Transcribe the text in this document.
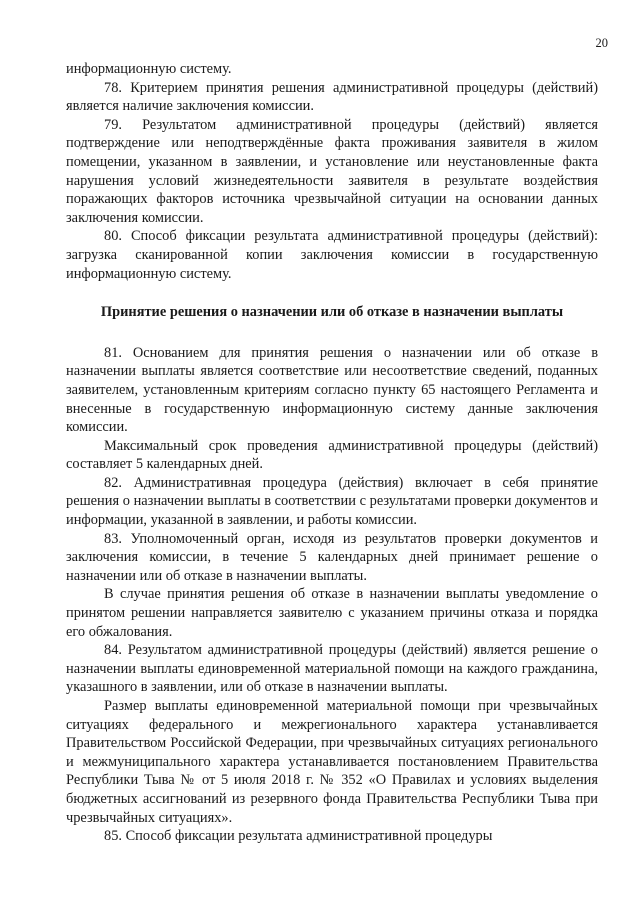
20

информационную систему.

78. Критерием принятия решения административной процедуры (действий) является наличие заключения комиссии.

79. Результатом административной процедуры (действий) является подтверждение или неподтверждённые факта проживания заявителя в жилом помещении, указанном в заявлении, и установление или неустановленные факта нарушения условий жизнедеятельности заявителя в результате воздействия поражающих факторов источника чрезвычайной ситуации на основании данных заключения комиссии.

80. Способ фиксации результата административной процедуры (действий): загрузка сканированной копии заключения комиссии в государственную информационную систему.

Принятие решения о назначении или об отказе в назначении выплаты

81. Основанием для принятия решения о назначении или об отказе в назначении выплаты является соответствие или несоответствие сведений, поданных заявителем, установленным критериям согласно пункту 65 настоящего Регламента и внесенные в государственную информационную систему данные заключения комиссии.

Максимальный срок проведения административной процедуры (действий) составляет 5 календарных дней.

82. Административная процедура (действия) включает в себя принятие решения о назначении выплаты в соответствии с результатами проверки документов и информации, указанной в заявлении, и работы комиссии.

83. Уполномоченный орган, исходя из результатов проверки документов и заключения комиссии, в течение 5 календарных дней принимает решение о назначении или об отказе в назначении выплаты.

В случае принятия решения об отказе в назначении выплаты уведомление о принятом решении направляется заявителю с указанием причины отказа и порядка его обжалования.

84. Результатом административной процедуры (действий) является решение о назначении выплаты единовременной материальной помощи на каждого гражданина, указашного в заявлении, или об отказе в назначении выплаты.

Размер выплаты единовременной материальной помощи при чрезвычайных ситуациях федерального и межрегионального характера устанавливается Правительством Российской Федерации, при чрезвычайных ситуациях регионального и межмуниципального характера устанавливается постановлением Правительства Республики Тыва № от 5 июля 2018 г. № 352 «О Правилах и условиях выделения бюджетных ассигнований из резервного фонда Правительства Республики Тыва при чрезвычайных ситуациях».

85. Способ фиксации результата административной процедуры
